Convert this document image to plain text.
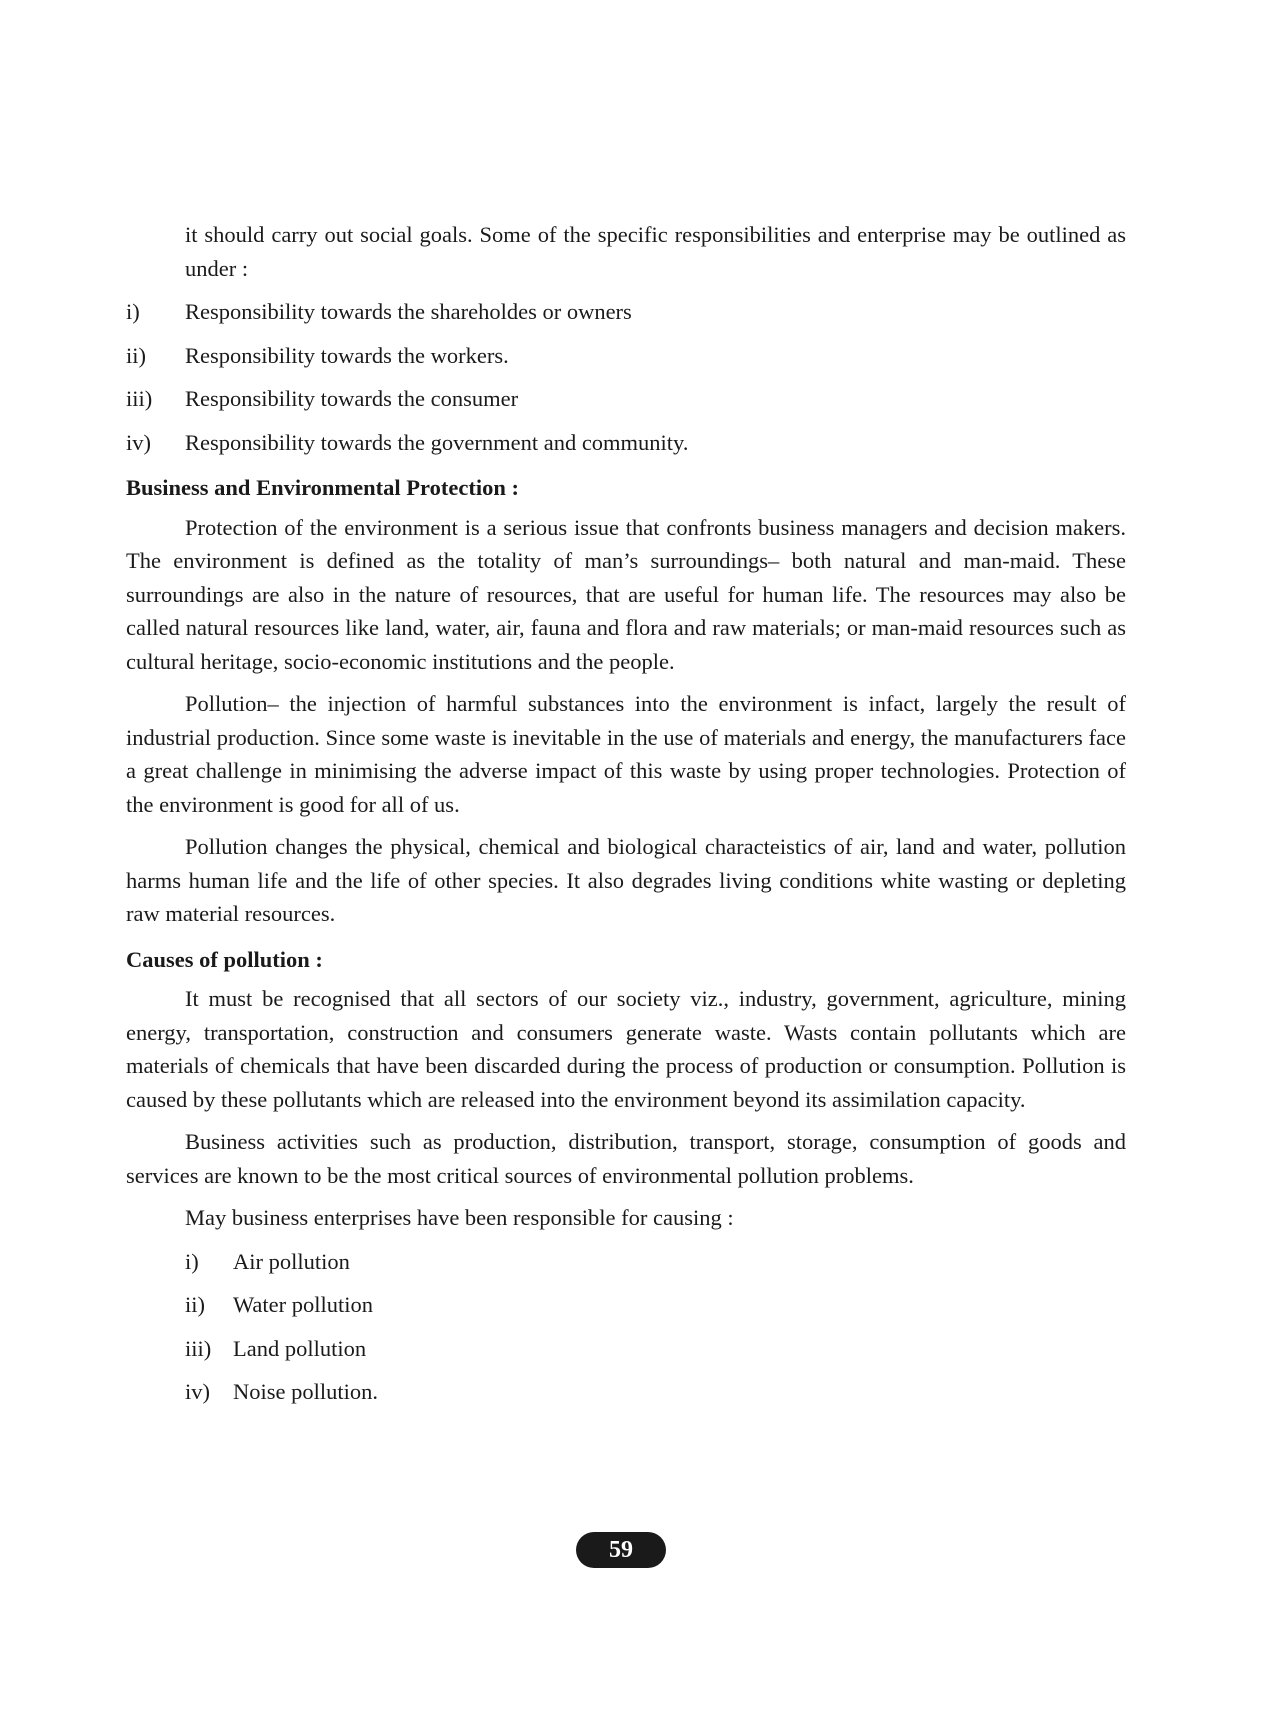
it should carry out social goals. Some of the specific responsibilities and enterprise may be outlined as under :

i)	Responsibility towards the shareholdes or owners
ii)	Responsibility towards the workers.
iii)	Responsibility towards the consumer
iv)	Responsibility towards the government and community.
Business and Environmental Protection :

Protection of the environment is a serious issue that confronts business managers and decision makers. The environment is defined as the totality of man’s surroundings– both natural and man-maid. These surroundings are also in the nature of resources, that are useful for human life. The resources may also be called natural resources like land, water, air, fauna and flora and raw materials; or man-maid resources such as cultural heritage, socio-economic institutions and the people.

Pollution– the injection of harmful substances into the environment is infact, largely the result of industrial production. Since some waste is inevitable in the use of materials and energy, the manufacturers face a great challenge in minimising the adverse impact of this waste by using proper technologies. Protection of the environment is good for all of us.

Pollution changes the physical, chemical and biological characteistics of air, land and water, pollution harms human life and the life of other species. It also degrades living conditions white wasting or depleting raw material resources.

Causes of pollution :

It must be recognised that all sectors of our society viz., industry, government, agriculture, mining energy, transportation, construction and consumers generate waste. Wasts contain pollutants which are materials of chemicals that have been discarded during the process of production or consumption. Pollution is caused by these pollutants which are released into the environment beyond its assimilation capacity.

Business activities such as production, distribution, transport, storage, consumption of goods and services are known to be the most critical sources of environmental pollution problems.

May business enterprises have been responsible for causing :

i)	Air pollution
ii)	Water pollution
iii) Land pollution
iv)	Noise pollution.
59
